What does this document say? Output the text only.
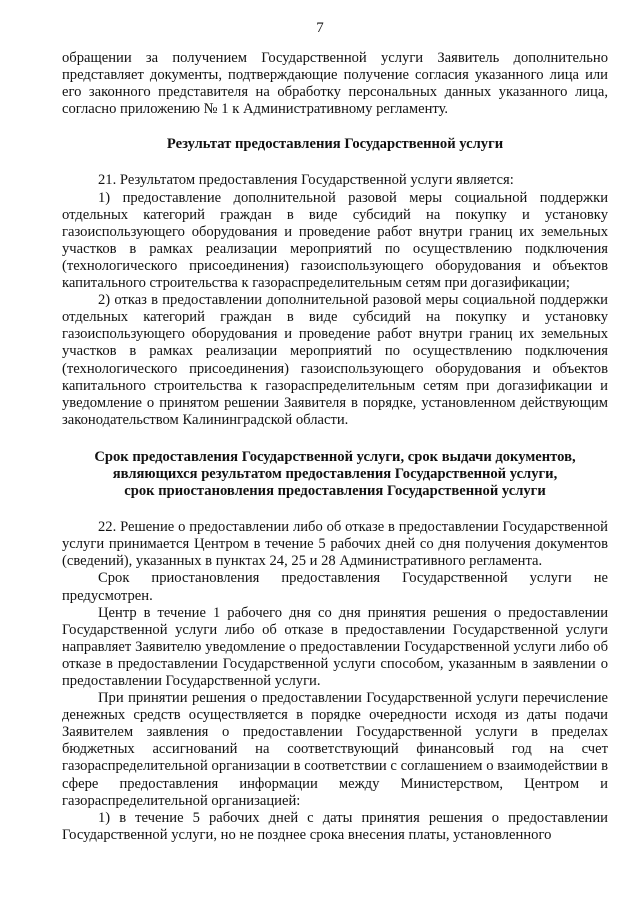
7

обращении за получением Государственной услуги Заявитель дополнительно представляет документы, подтверждающие получение согласия указанного лица или его законного представителя на обработку персональных данных указанного лица, согласно приложению № 1 к Административному регламенту.

Результат предоставления Государственной услуги

21. Результатом предоставления Государственной услуги является:

1) предоставление дополнительной разовой меры социальной поддержки отдельных категорий граждан в виде субсидий на покупку и установку газоиспользующего оборудования и проведение работ внутри границ их земельных участков в рамках реализации мероприятий по осуществлению подключения (технологического присоединения) газоиспользующего оборудования и объектов капитального строительства к газораспределительным сетям при догазификации;

2) отказ в предоставлении дополнительной разовой меры социальной поддержки отдельных категорий граждан в виде субсидий на покупку и установку газоиспользующего оборудования и проведение работ внутри границ их земельных участков в рамках реализации мероприятий по осуществлению подключения (технологического присоединения) газоиспользующего оборудования и объектов капитального строительства к газораспределительным сетям при догазификации и уведомление о принятом решении Заявителя в порядке, установленном действующим законодательством Калининградской области.

Срок предоставления Государственной услуги, срок выдачи документов,
являющихся результатом предоставления Государственной услуги,
срок приостановления предоставления Государственной услуги

22. Решение о предоставлении либо об отказе в предоставлении Государственной услуги принимается Центром в течение 5 рабочих дней со дня получения документов (сведений), указанных в пунктах 24, 25 и 28 Административного регламента.

Срок приостановления предоставления Государственной услуги не предусмотрен.

Центр в течение 1 рабочего дня со дня принятия решения о предоставлении Государственной услуги либо об отказе в предоставлении Государственной услуги направляет Заявителю уведомление о предоставлении Государственной услуги либо об отказе в предоставлении Государственной услуги способом, указанным в заявлении о предоставлении Государственной услуги.

При принятии решения о предоставлении Государственной услуги перечисление денежных средств осуществляется в порядке очередности исходя из даты подачи Заявителем заявления о предоставлении Государственной услуги в пределах бюджетных ассигнований на соответствующий финансовый год на счет газораспределительной организации в соответствии с соглашением о взаимодействии в сфере предоставления информации между Министерством, Центром и газораспределительной организацией:

1) в течение 5 рабочих дней с даты принятия решения о предоставлении Государственной услуги, но не позднее срока внесения платы, установленного
